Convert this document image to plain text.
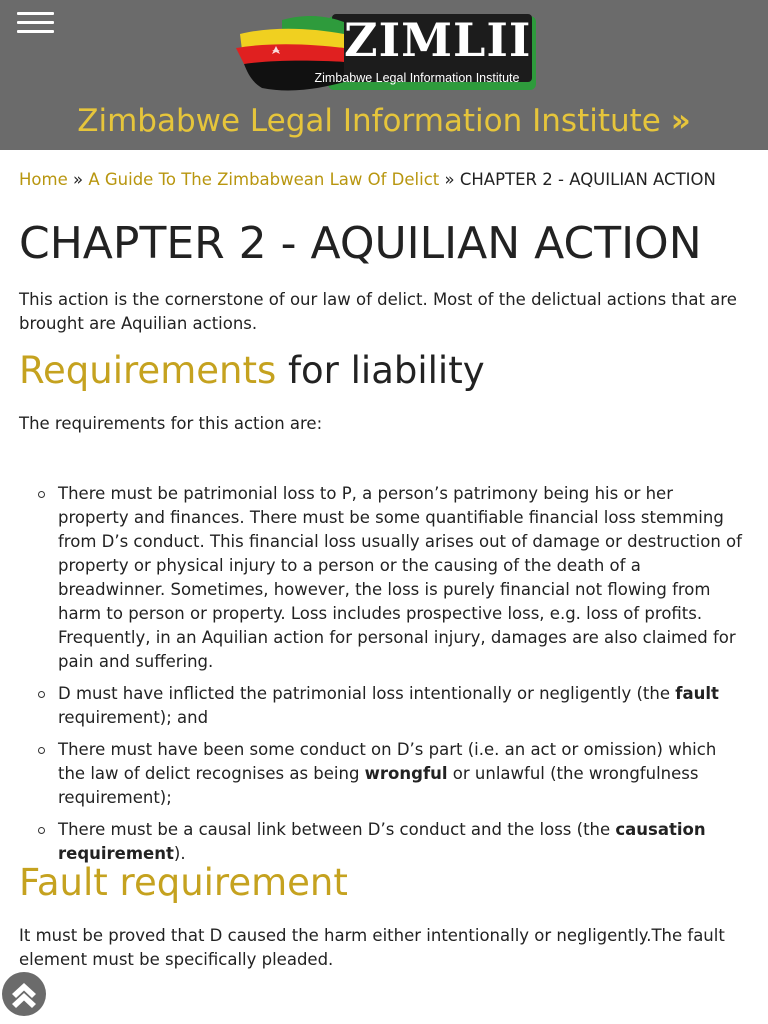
ZIMLII
Zimbabwe Legal Information Institute
Zimbabwe Legal Information Institute »
Home » A Guide To The Zimbabwean Law Of Delict » CHAPTER 2 - AQUILIAN ACTION
CHAPTER 2 - AQUILIAN ACTION

This action is the cornerstone of our law of delict. Most of the delictual actions that are brought are Aquilian actions.

Requirements for liability

The requirements for this action are:

There must be patrimonial loss to P, a person’s patrimony being his or her property and finances. There must be some quantifiable financial loss stemming from D’s conduct. This financial loss usually arises out of damage or destruction of property or physical injury to a person or the causing of the death of a breadwinner. Sometimes, however, the loss is purely financial not flowing from harm to person or property. Loss includes prospective loss, e.g. loss of profits. Frequently, in an Aquilian action for personal injury, damages are also claimed for pain and suffering.
D must have inflicted the patrimonial loss intentionally or negligently (the fault requirement); and
There must have been some conduct on D’s part (i.e. an act or omission) which the law of delict recognises as being wrongful or unlawful (the wrongfulness requirement);
There must be a causal link between D’s conduct and the loss (the causation requirement).
Fault requirement

It must be proved that D caused the harm either intentionally or negligently.The fault element must be specifically pleaded.
